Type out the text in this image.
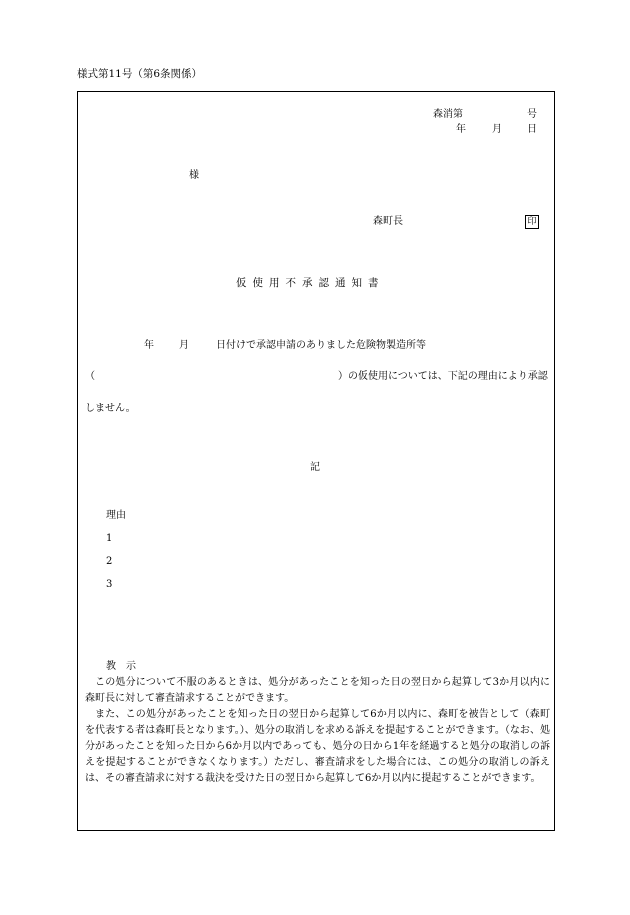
様式第11号（第6条関係）
森消第	号
年	月	日
様
森町長	印
仮使用不承認通知書
年	月	日付けで承認申請のありました危険物製造所等
（	）の仮使用については、下記の理由により承認
しません。
記
理由
1
2
3
教　示
この処分について不服のあるときは、処分があったことを知った日の翌日から起算して3か月以内に森町長に対して審査請求することができます。
また、この処分があったことを知った日の翌日から起算して6か月以内に、森町を被告として（森町を代表する者は森町長となります。）、処分の取消しを求める訴えを提起することができます。（なお、処分があったことを知った日から6か月以内であっても、処分の日から1年を経過すると処分の取消しの訴えを提起することができなくなります。）ただし、審査請求をした場合には、この処分の取消しの訴えは、その審査請求に対する裁決を受けた日の翌日から起算して6か月以内に提起することができます。
